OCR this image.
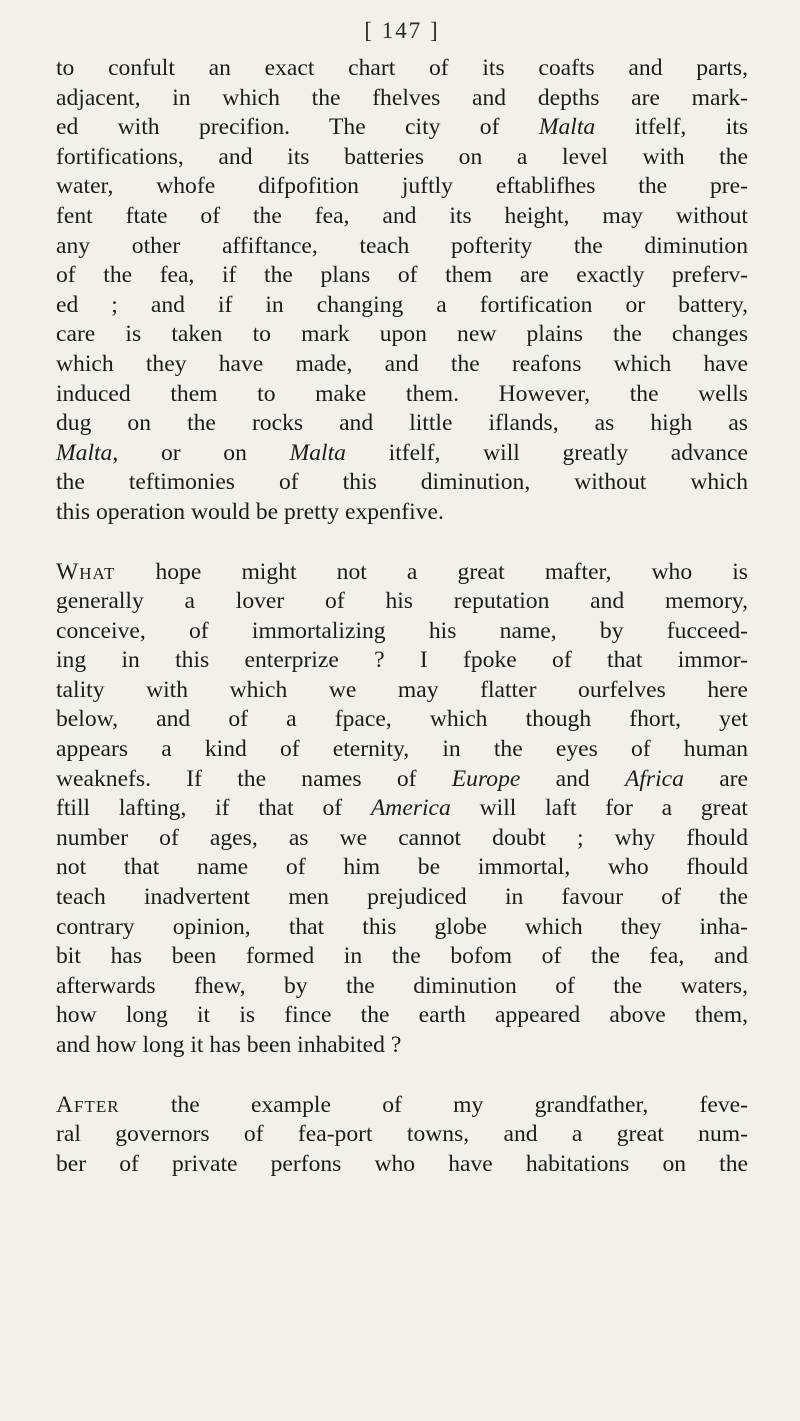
[ 147 ]
to confult an exact chart of its coafts and parts,
adjacent, in which the fhelves and depths are mark-
ed with precifion. The city of Malta itfelf, its
fortifications, and its batteries on a level with the
water, whofe difpofition juftly eftablifhes the pre-
fent ftate of the fea, and its height, may without
any other affiftance, teach pofterity the diminution
of the fea, if the plans of them are exactly preferv-
ed ; and if in changing a fortification or battery,
care is taken to mark upon new plains the changes
which they have made, and the reafons which have
induced them to make them. However, the wells
dug on the rocks and little iflands, as high as
Malta, or on Malta itfelf, will greatly advance
the teftimonies of this diminution, without which
this operation would be pretty expenfive.
What hope might not a great mafter, who is
generally a lover of his reputation and memory,
conceive, of immortalizing his name, by fucceed-
ing in this enterprize ? I fpoke of that immor-
tality with which we may flatter ourfelves here
below, and of a fpace, which though fhort, yet
appears a kind of eternity, in the eyes of human
weaknefs. If the names of Europe and Africa are
ftill lafting, if that of America will laft for a great
number of ages, as we cannot doubt ; why fhould
not that name of him be immortal, who fhould
teach inadvertent men prejudiced in favour of the
contrary opinion, that this globe which they inha-
bit has been formed in the bofom of the fea, and
afterwards fhew, by the diminution of the waters,
how long it is fince the earth appeared above them,
and how long it has been inhabited ?
After the example of my grandfather, feve-
ral governors of fea-port towns, and a great num-
ber of private perfons who have habitations on the
